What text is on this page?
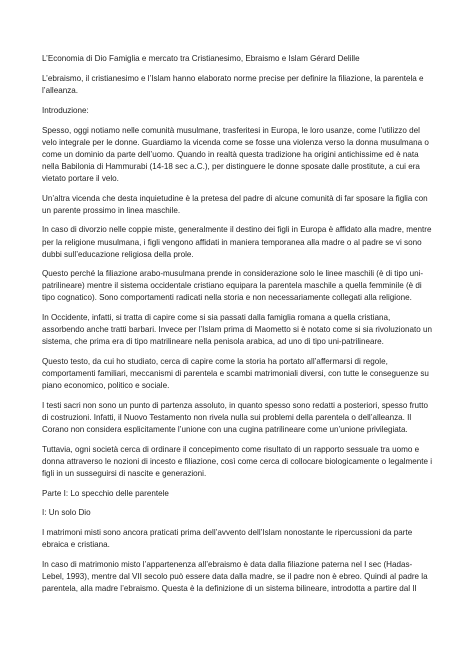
L’Economia di Dio Famiglia e mercato tra Cristianesimo, Ebraismo e Islam Gérard Delille

L’ebraismo, il cristianesimo e l’Islam hanno elaborato norme precise per definire la filiazione, la parentela e l’alleanza.

Introduzione:

Spesso, oggi notiamo nelle comunità musulmane, trasferitesi in Europa, le loro usanze, come l’utilizzo del velo integrale per le donne. Guardiamo la vicenda come se fosse una violenza verso la donna musulmana o come un dominio da parte dell’uomo. Quando in realtà questa tradizione ha origini antichissime ed è nata nella Babilonia di Hammurabi (14-18 sec a.C.), per distinguere le donne sposate dalle prostitute, a cui era vietato portare il velo.

Un’altra vicenda che desta inquietudine è la pretesa del padre di alcune comunità di far sposare la figlia con un parente prossimo in linea maschile.

In caso di divorzio nelle coppie miste, generalmente il destino dei figli in Europa è affidato alla madre, mentre per la religione musulmana, i figli vengono affidati in maniera temporanea alla madre o al padre se vi sono dubbi sull’educazione religiosa della prole.

Questo perché la filiazione arabo-musulmana prende in considerazione solo le linee maschili (è di tipo uni-patrilineare) mentre il sistema occidentale cristiano equipara la parentela maschile a quella femminile (è di tipo cognatico). Sono comportamenti radicati nella storia e non necessariamente collegati alla religione.

In Occidente, infatti, si tratta di capire come si sia passati dalla famiglia romana a quella cristiana, assorbendo anche tratti barbari. Invece per l’Islam prima di Maometto si è notato come si sia rivoluzionato un sistema, che prima era di tipo matrilineare nella penisola arabica, ad uno di tipo uni-patrilineare.

Questo testo, da cui ho studiato, cerca di capire come la storia ha portato all’affermarsi di regole, comportamenti familiari, meccanismi di parentela e scambi matrimoniali diversi, con tutte le conseguenze su piano economico, politico e sociale.

I testi sacri non sono un punto di partenza assoluto, in quanto spesso sono redatti a posteriori, spesso frutto di costruzioni. Infatti, il Nuovo Testamento non rivela nulla sui problemi della parentela o dell’alleanza. Il Corano non considera esplicitamente l’unione con una cugina patrilineare come un’unione privilegiata.

Tuttavia, ogni società cerca di ordinare il concepimento come risultato di un rapporto sessuale tra uomo e donna attraverso le nozioni di incesto e filiazione, così come cerca di collocare biologicamente o legalmente i figli in un susseguirsi di nascite e generazioni.

Parte I: Lo specchio delle parentele

I: Un solo Dio

I matrimoni misti sono ancora praticati prima dell’avvento dell’Islam nonostante le ripercussioni da parte ebraica e cristiana.

In caso di matrimonio misto l’appartenenza all’ebraismo è data dalla filiazione paterna nel I sec (Hadas-Lebel, 1993), mentre dal VII secolo può essere data dalla madre, se il padre non è ebreo. Quindi al padre la parentela, alla madre l’ebraismo. Questa è la definizione di un sistema bilineare, introdotta a partire dal II
